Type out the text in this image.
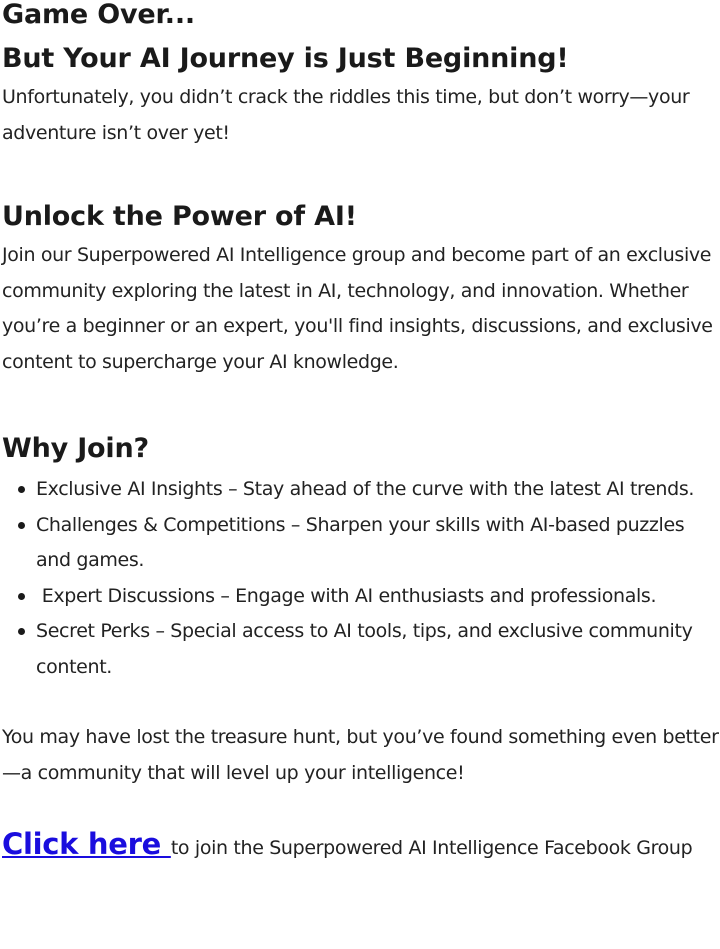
Game Over...
But Your AI Journey is Just Beginning!

Unfortunately, you didn’t crack the riddles this time, but don’t worry—your adventure isn’t over yet!

Unlock the Power of AI!

Join our Superpowered AI Intelligence group and become part of an exclusive community exploring the latest in AI, technology, and innovation. Whether you’re a beginner or an expert, you'll find insights, discussions, and exclusive content to supercharge your AI knowledge.

Why Join?
Exclusive AI Insights – Stay ahead of the curve with the latest AI trends.
Challenges & Competitions – Sharpen your skills with AI-based puzzles and games.
Expert Discussions – Engage with AI enthusiasts and professionals.
Secret Perks – Special access to AI tools, tips, and exclusive community content.

You may have lost the treasure hunt, but you’ve found something even better—a community that will level up your intelligence!

Click here to join the Superpowered AI Intelligence Facebook Group
